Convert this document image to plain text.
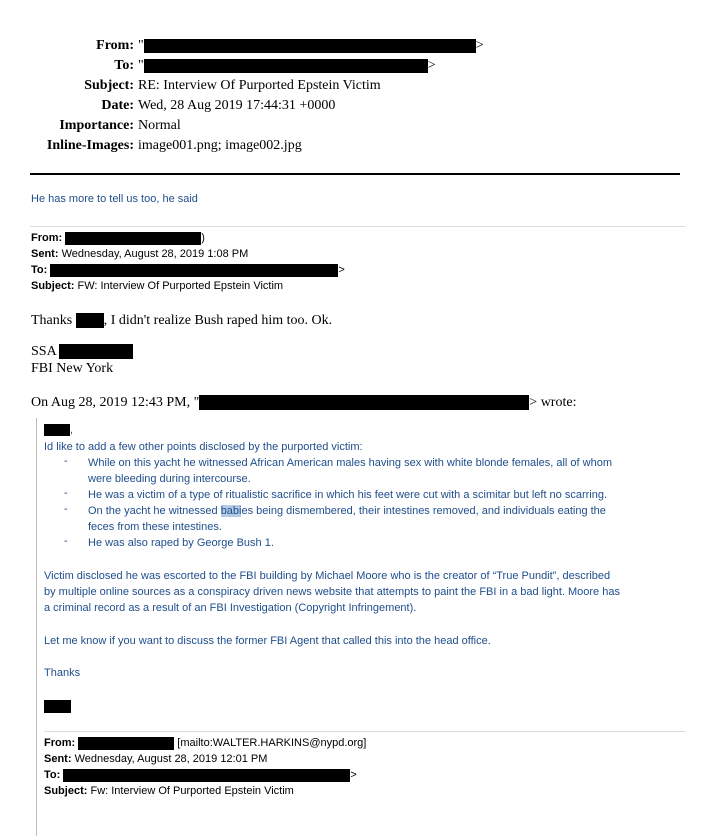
From: "	>
To: "	>
Subject: RE: Interview Of Purported Epstein Victim
Date: Wed, 28 Aug 2019 17:44:31 +0000
Importance: Normal
Inline-Images: image001.png; image002.jpg
He has more to tell us too, he said
From:	)
Sent: Wednesday, August 28, 2019 1:08 PM
To:	>
Subject: FW: Interview Of Purported Epstein Victim
Thanks , I didn't realize Bush raped him too. Ok.
SSA
FBI New York
On Aug 28, 2019 12:43 PM, "	> wrote:
,
Id like to add a few other points disclosed by the purported victim:
- While on this yacht he witnessed African American males having sex with white blonde females, all of whom
were bleeding during intercourse.
- He was a victim of a type of ritualistic sacrifice in which his feet were cut with a scimitar but left no scarring.
- On the yacht he witnessed babies being dismembered, their intestines removed, and individuals eating the
feces from these intestines.
- He was also raped by George Bush 1.
Victim disclosed he was escorted to the FBI building by Michael Moore who is the creator of “True Pundit”, described
by multiple online sources as a conspiracy driven news website that attempts to paint the FBI in a bad light. Moore has
a criminal record as a result of an FBI Investigation (Copyright Infringement).
Let me know if you want to discuss the former FBI Agent that called this into the head office.
Thanks
From:	[mailto:WALTER.HARKINS@nypd.org]
Sent: Wednesday, August 28, 2019 12:01 PM
To:	>
Subject: Fw: Interview Of Purported Epstein Victim
